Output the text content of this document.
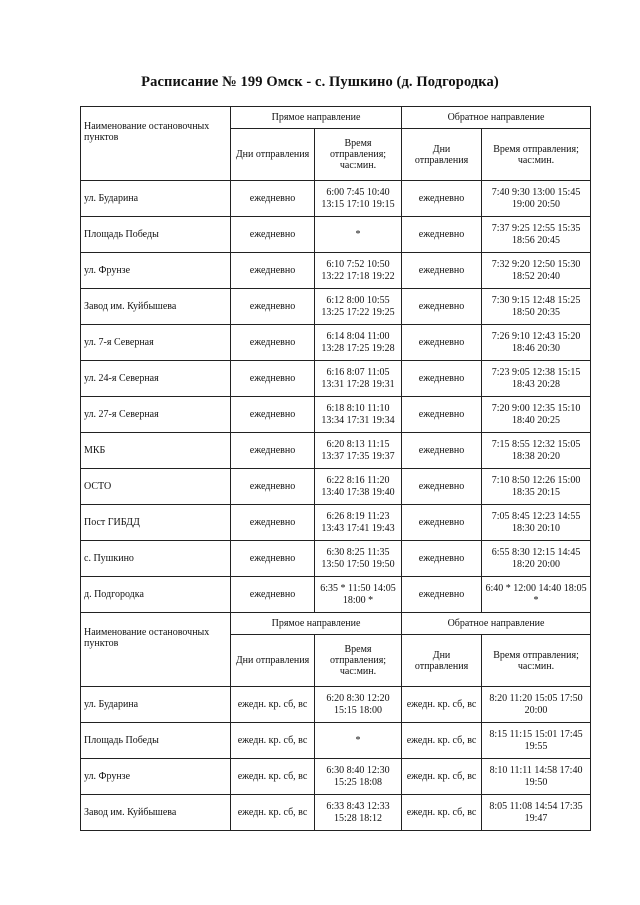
Расписание № 199 Омск - с. Пушкино (д. Подгородка)
Наименование остановочных пунктов	Прямое направление		Обратное направление	
	Дни отправления	Время отправления; час:мин.	Дни отправления	Время отправления; час:мин.
ул. Бударина	ежедневно	6:00 7:45 10:40 13:15 17:10 19:15	ежедневно	7:40 9:30 13:00 15:45 19:00 20:50
Площадь Победы	ежедневно	*	ежедневно	7:37 9:25 12:55 15:35 18:56 20:45
ул. Фрунзе	ежедневно	6:10 7:52 10:50 13:22 17:18 19:22	ежедневно	7:32 9:20 12:50 15:30 18:52 20:40
Завод им. Куйбышева	ежедневно	6:12 8:00 10:55 13:25 17:22 19:25	ежедневно	7:30 9:15 12:48 15:25 18:50 20:35
ул. 7-я Северная	ежедневно	6:14 8:04 11:00 13:28 17:25 19:28	ежедневно	7:26 9:10 12:43 15:20 18:46 20:30
ул. 24-я Северная	ежедневно	6:16 8:07 11:05 13:31 17:28 19:31	ежедневно	7:23 9:05 12:38 15:15 18:43 20:28
ул. 27-я Северная	ежедневно	6:18 8:10 11:10 13:34 17:31 19:34	ежедневно	7:20 9:00 12:35 15:10 18:40 20:25
МКБ	ежедневно	6:20 8:13 11:15 13:37 17:35 19:37	ежедневно	7:15 8:55 12:32 15:05 18:38 20:20
ОСТО	ежедневно	6:22 8:16 11:20 13:40 17:38 19:40	ежедневно	7:10 8:50 12:26 15:00 18:35 20:15
Пост ГИБДД	ежедневно	6:26 8:19 11:23 13:43 17:41 19:43	ежедневно	7:05 8:45 12:23 14:55 18:30 20:10
с. Пушкино	ежедневно	6:30 8:25 11:35 13:50 17:50 19:50	ежедневно	6:55 8:30 12:15 14:45 18:20 20:00
д. Подгородка	ежедневно	6:35 * 11:50 14:05 18:00 *	ежедневно	6:40 * 12:00 14:40 18:05 *
Наименование остановочных пунктов	Прямое направление		Обратное направление	
	Дни отправления	Время отправления; час:мин.	Дни отправления	Время отправления; час:мин.
ул. Бударина	ежедн. кр. сб, вс	6:20 8:30 12:20 15:15 18:00	ежедн. кр. сб, вс	8:20 11:20 15:05 17:50 20:00
Площадь Победы	ежедн. кр. сб, вс	*	ежедн. кр. сб, вс	8:15 11:15 15:01 17:45 19:55
ул. Фрунзе	ежедн. кр. сб, вс	6:30 8:40 12:30 15:25 18:08	ежедн. кр. сб, вс	8:10 11:11 14:58 17:40 19:50
Завод им. Куйбышева	ежедн. кр. сб, вс	6:33 8:43 12:33 15:28 18:12	ежедн. кр. сб, вс	8:05 11:08 14:54 17:35 19:47
